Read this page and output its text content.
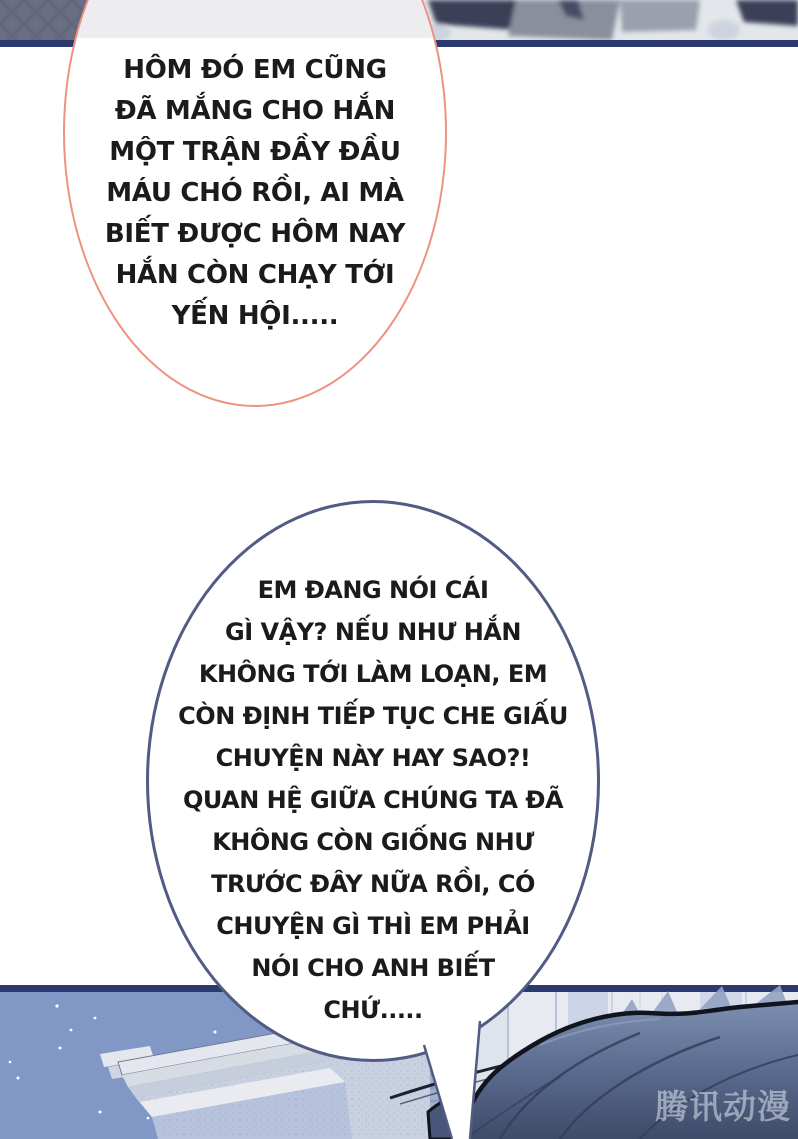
HÔM ĐÓ EM CŨNG
ĐÃ MẮNG CHO HẮN
MỘT TRẬN ĐẦY ĐẦU
MÁU CHÓ RỒI, AI MÀ
BIẾT ĐƯỢC HÔM NAY
HẮN CÒN CHẠY TỚI
YẾN HỘI.....
EM ĐANG NÓI CÁI
GÌ VẬY? NẾU NHƯ HẮN
KHÔNG TỚI LÀM LOẠN, EM
CÒN ĐỊNH TIẾP TỤC CHE GIẤU
CHUYỆN NÀY HAY SAO?!
QUAN HỆ GIỮA CHÚNG TA ĐÃ
KHÔNG CÒN GIỐNG NHƯ
TRƯỚC ĐÂY NỮA RỒI, CÓ
CHUYỆN GÌ THÌ EM PHẢI
NÓI CHO ANH BIẾT
CHỨ.....
腾讯动漫
